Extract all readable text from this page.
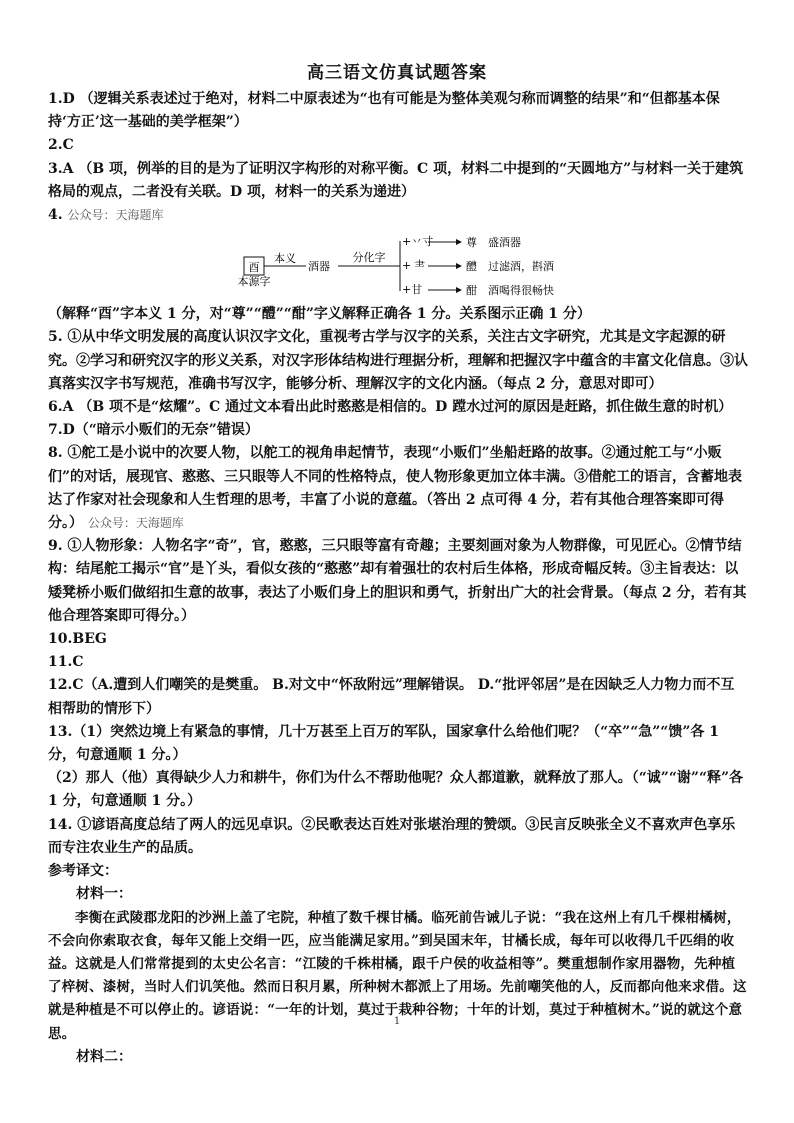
高三语文仿真试题答案

1.D （逻辑关系表述过于绝对，材料二中原表述为“也有可能是为整体美观匀称而调整的结果”和“但都基本保持‘方正’这一基础的美学框架”）

2.C

3.A （B 项，例举的目的是为了证明汉字构形的对称平衡。C 项，材料二中提到的“天圆地方”与材料一关于建筑格局的观点，二者没有关联。D 项，材料一的关系为递进）

4. 公众号：天海题库

酉
本源字
本义
酒器
分化字
+丷寸	尊 盛酒器
+ ⺻	醴 过滤酒，斟酒
+甘	酣 酒喝得很畅快

（解释“酉”字本义 1 分，对“尊”“醴”“酣”字义解释正确各 1 分。关系图示正确 1 分）

5. ①从中华文明发展的高度认识汉字文化，重视考古学与汉字的关系，关注古文字研究，尤其是文字起源的研究。②学习和研究汉字的形义关系，对汉字形体结构进行理据分析，理解和把握汉字中蕴含的丰富文化信息。③认真落实汉字书写规范，准确书写汉字，能够分析、理解汉字的文化内涵。（每点 2 分，意思对即可）

6.A （B 项不是“炫耀”。C 通过文本看出此时憨憨是相信的。D 蹚水过河的原因是赶路，抓住做生意的时机）

7.D（“暗示小贩们的无奈”错误）

8. ①舵工是小说中的次要人物，以舵工的视角串起情节，表现“小贩们”坐船赶路的故事。②通过舵工与“小贩们”的对话，展现官、憨憨、三只眼等人不同的性格特点，使人物形象更加立体丰满。③借舵工的语言，含蓄地表达了作家对社会现象和人生哲理的思考，丰富了小说的意蕴。（答出 2 点可得 4 分，若有其他合理答案即可得分。） 公众号：天海题库

9. ①人物形象：人物名字“奇”，官，憨憨，三只眼等富有奇趣；主要刻画对象为人物群像，可见匠心。②情节结构：结尾舵工揭示“官”是丫头，看似女孩的“憨憨”却有着强壮的农村后生体格，形成奇幅反转。③主旨表达：以矮凳桥小贩们做绍扣生意的故事，表达了小贩们身上的胆识和勇气，折射出广大的社会背景。（每点 2 分，若有其他合理答案即可得分。）

10.BEG

11.C

12.C（A.遭到人们嘲笑的是樊重。 B.对文中“怀敌附远”理解错误。 D.“批评邻居”是在因缺乏人力物力而不互相帮助的情形下）

13.（1）突然边境上有紧急的事情，几十万甚至上百万的军队，国家拿什么给他们呢？（“卒”“急”“馈”各 1 分，句意通顺 1 分。）

（2）那人（他）真得缺少人力和耕牛，你们为什么不帮助他呢？众人都道歉，就释放了那人。（“诚”“谢”“释”各 1 分，句意通顺 1 分。）

14. ①谚语高度总结了两人的远见卓识。②民歌表达百姓对张堪治理的赞颂。③民言反映张全义不喜欢声色享乐而专注农业生产的品质。

参考译文：

材料一：

李衡在武陵郡龙阳的沙洲上盖了宅院，种植了数千棵甘橘。临死前告诫儿子说：“我在这州上有几千棵柑橘树，不会向你索取衣食，每年又能上交绢一匹，应当能满足家用。”到吴国末年，甘橘长成，每年可以收得几千匹绢的收益。这就是人们常常提到的太史公名言：“江陵的千株柑橘，跟千户侯的收益相等”。樊重想制作家用器物，先种植了梓树、漆树，当时人们讥笑他。然而日积月累，所种树木都派上了用场。先前嘲笑他的人，反而都向他来求借。这就是种植是不可以停止的。谚语说：“一年的计划，莫过于栽种谷物；十年的计划，莫过于种植树木。”说的就这个意思。

材料二：

1
